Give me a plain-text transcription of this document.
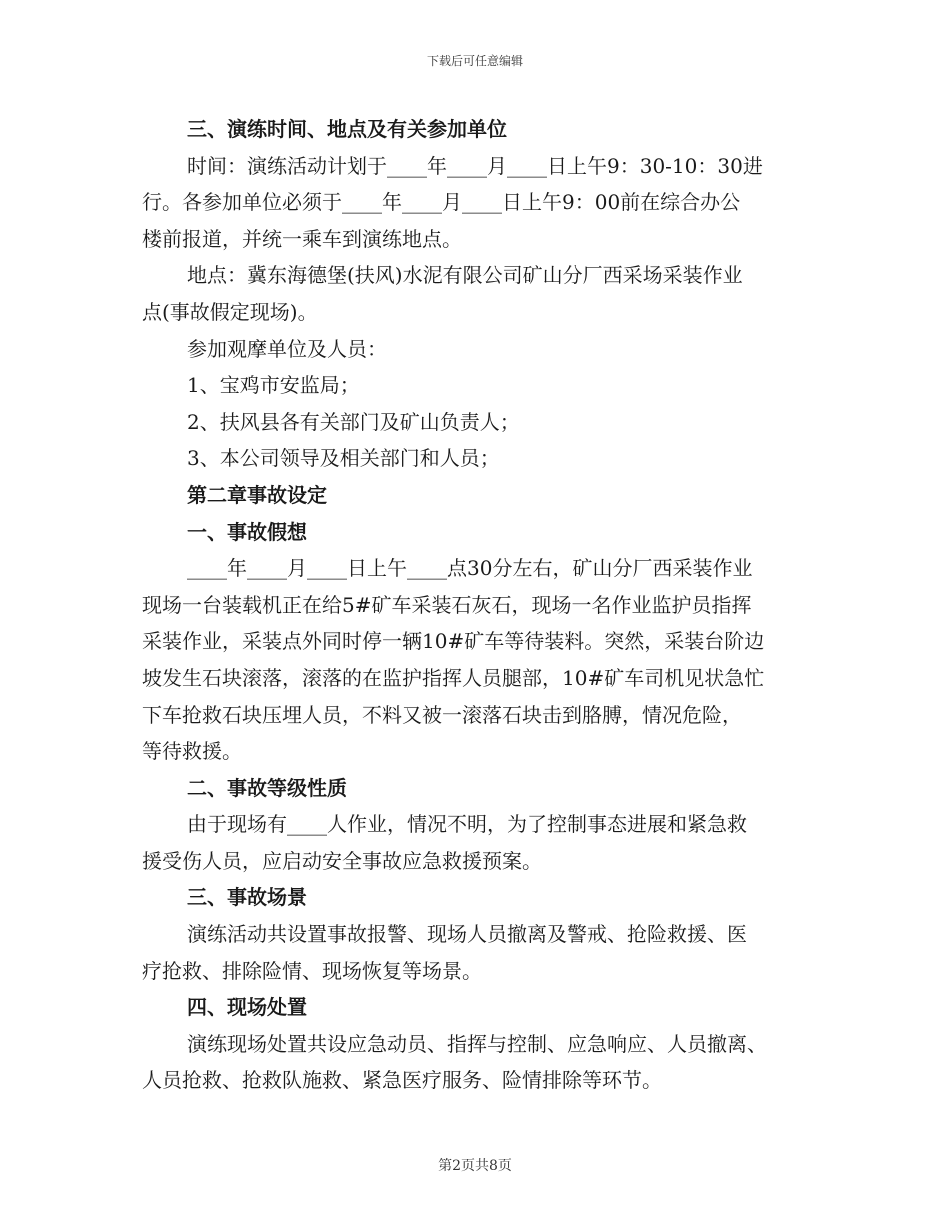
下载后可任意编辑
三、演练时间、地点及有关参加单位
时间：演练活动计划于____年____月____日上午9：30-10：30进
行。各参加单位必须于____年____月____日上午9：00前在综合办公
楼前报道，并统一乘车到演练地点。
地点：冀东海德堡(扶风)水泥有限公司矿山分厂西采场采装作业
点(事故假定现场)。
参加观摩单位及人员：
1、宝鸡市安监局；
2、扶风县各有关部门及矿山负责人；
3、本公司领导及相关部门和人员；
第二章事故设定
一、事故假想
____年____月____日上午____点30分左右，矿山分厂西采装作业
现场一台装载机正在给5#矿车采装石灰石，现场一名作业监护员指挥
采装作业，采装点外同时停一辆10#矿车等待装料。突然，采装台阶边
坡发生石块滚落，滚落的在监护指挥人员腿部，10#矿车司机见状急忙
下车抢救石块压埋人员，不料又被一滚落石块击到胳膊，情况危险，
等待救援。
二、事故等级性质
由于现场有____人作业，情况不明，为了控制事态进展和紧急救
援受伤人员，应启动安全事故应急救援预案。
三、事故场景
演练活动共设置事故报警、现场人员撤离及警戒、抢险救援、医
疗抢救、排除险情、现场恢复等场景。
四、现场处置
演练现场处置共设应急动员、指挥与控制、应急响应、人员撤离、
人员抢救、抢救队施救、紧急医疗服务、险情排除等环节。
第2页共8页
